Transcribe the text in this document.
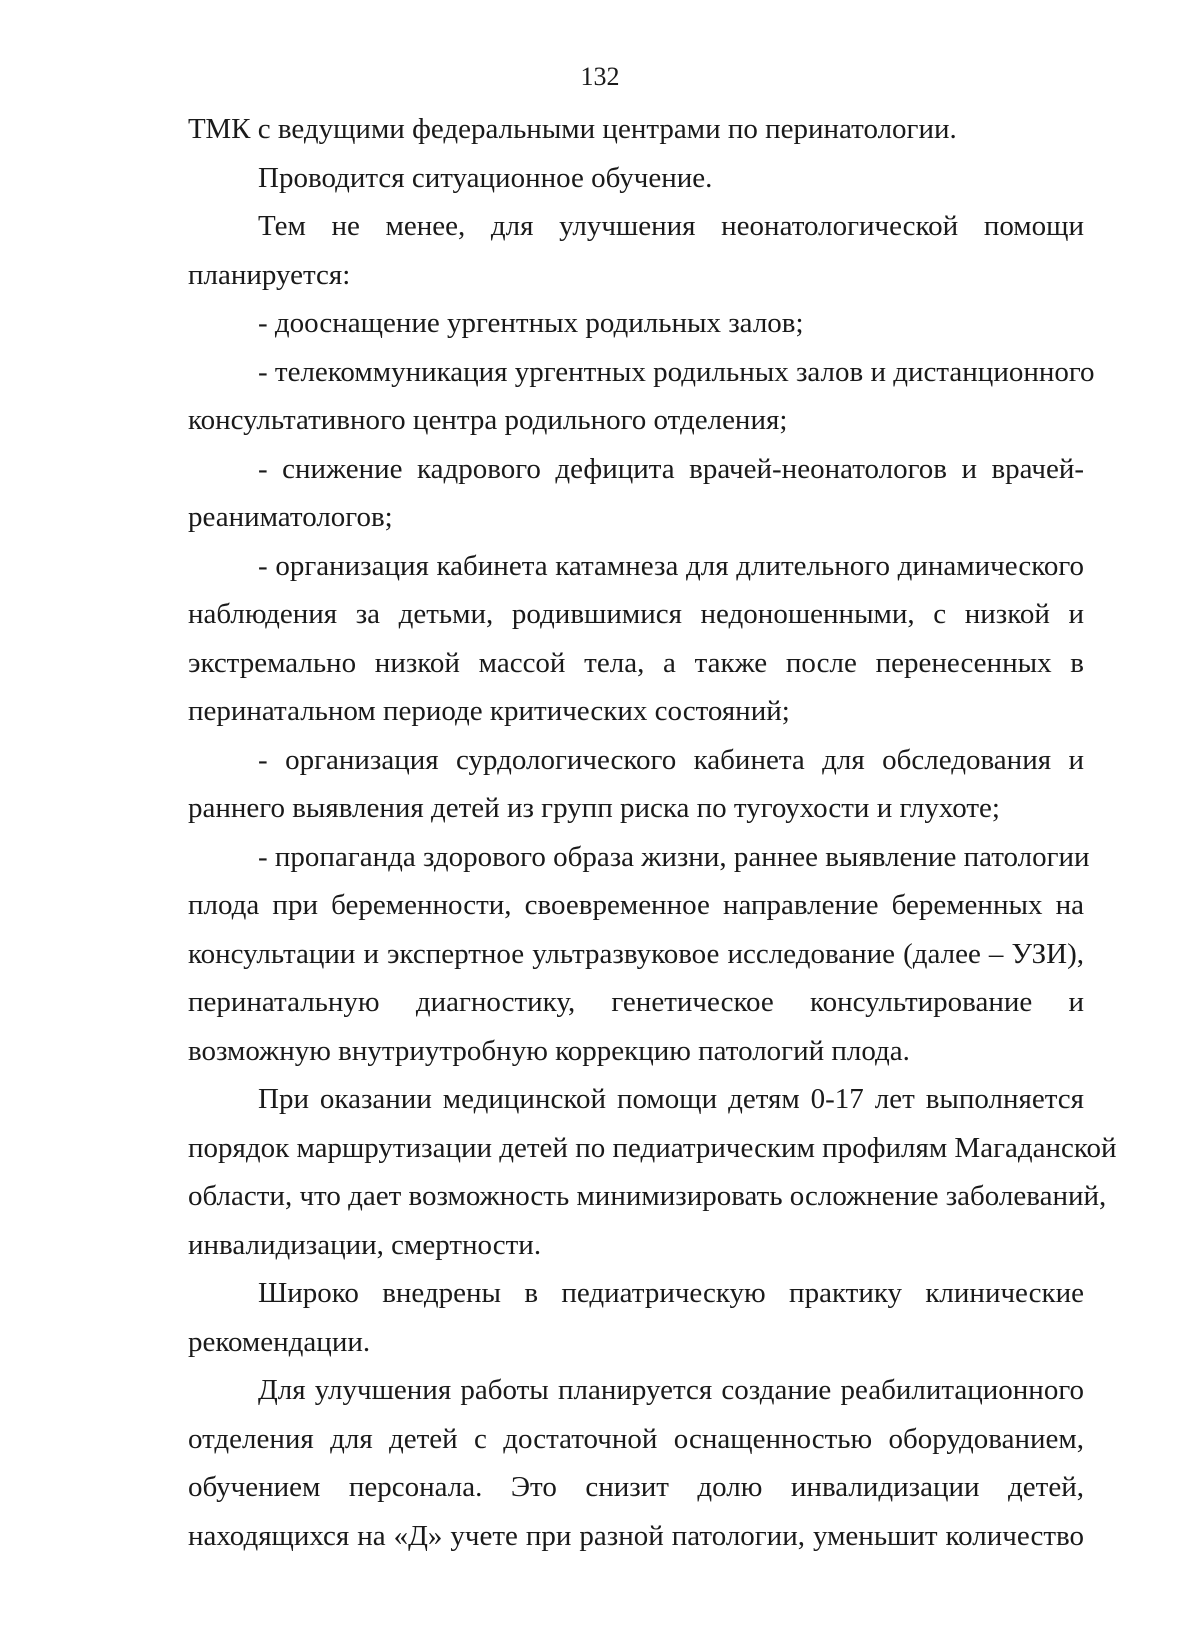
132
ТМК с ведущими федеральными центрами по перинатологии.
Проводится ситуационное обучение.
Тем не менее, для улучшения неонатологической помощи
планируется:
- дооснащение ургентных родильных залов;
- телекоммуникация ургентных родильных залов и дистанционного
консультативного центра родильного отделения;
- снижение кадрового дефицита врачей-неонатологов и врачей-
реаниматологов;
- организация кабинета катамнеза для длительного динамического
наблюдения за детьми, родившимися недоношенными, с низкой и
экстремально низкой массой тела, а также после перенесенных в
перинатальном периоде критических состояний;
- организация сурдологического кабинета для обследования и
раннего выявления детей из групп риска по тугоухости и глухоте;
- пропаганда здорового образа жизни, раннее выявление патологии
плода при беременности, своевременное направление беременных на
консультации и экспертное ультразвуковое исследование (далее – УЗИ),
перинатальную диагностику, генетическое консультирование и
возможную внутриутробную коррекцию патологий плода.
При оказании медицинской помощи детям 0-17 лет выполняется
порядок маршрутизации детей по педиатрическим профилям Магаданской
области, что дает возможность минимизировать осложнение заболеваний,
инвалидизации, смертности.
Широко внедрены в педиатрическую практику клинические
рекомендации.
Для улучшения работы планируется создание реабилитационного
отделения для детей с достаточной оснащенностью оборудованием,
обучением персонала. Это снизит долю инвалидизации детей,
находящихся на «Д» учете при разной патологии, уменьшит количество
